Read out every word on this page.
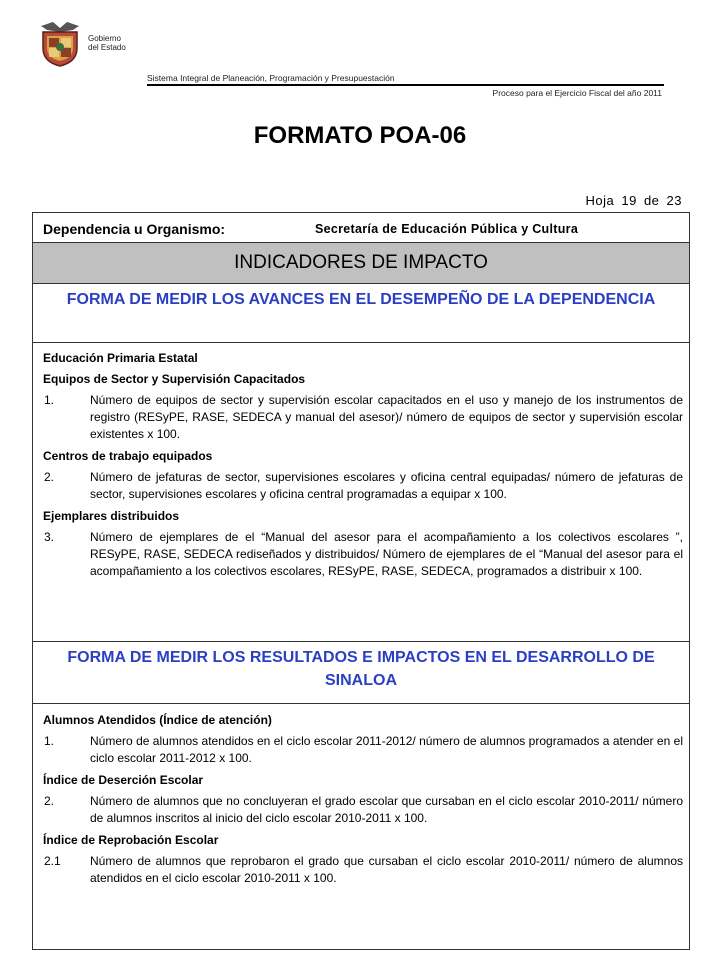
Gobierno
del Estado
Sistema Integral de Planeación, Programación y Presupuestación
Proceso para el Ejercicio Fiscal del año 2011
FORMATO POA-06
Hoja 19 de 23
Dependencia u Organismo:	Secretaría de Educación Pública y Cultura
INDICADORES DE IMPACTO
FORMA DE MEDIR LOS AVANCES EN EL DESEMPEÑO DE LA DEPENDENCIA

Educación Primaria Estatal

Equipos de Sector y Supervisión Capacitados

1.	Número de equipos de sector y supervisión escolar capacitados en el uso y manejo de los instrumentos de registro (RESyPE, RASE, SEDECA y manual del asesor)/ número de equipos de sector y supervisión escolar existentes x 100.

Centros de trabajo equipados

2.	Número de jefaturas de sector, supervisiones escolares y oficina central equipadas/ número de jefaturas de sector, supervisiones escolares y oficina central programadas a equipar x 100.

Ejemplares distribuidos

3.	Número de ejemplares de el “Manual del asesor para el acompañamiento a los colectivos escolares ”, RESyPE, RASE, SEDECA rediseñados y distribuidos/ Número de ejemplares de el “Manual del asesor para el acompañamiento a los colectivos escolares, RESyPE, RASE, SEDECA, programados a distribuir x 100.
FORMA DE MEDIR LOS RESULTADOS E IMPACTOS EN EL DESARROLLO DE SINALOA

Alumnos Atendidos (Índice de atención)

1.	Número de alumnos atendidos en el ciclo escolar 2011-2012/ número de alumnos programados a atender en el ciclo escolar 2011-2012 x 100.

Índice de Deserción Escolar

2.	Número de alumnos que no concluyeran el grado escolar que cursaban en el ciclo escolar 2010-2011/ número de alumnos inscritos al inicio del ciclo escolar 2010-2011 x 100.

Índice de Reprobación Escolar

2.1	Número de alumnos que reprobaron el grado que cursaban el ciclo escolar 2010-2011/ número de alumnos atendidos en el ciclo escolar 2010-2011 x 100.
